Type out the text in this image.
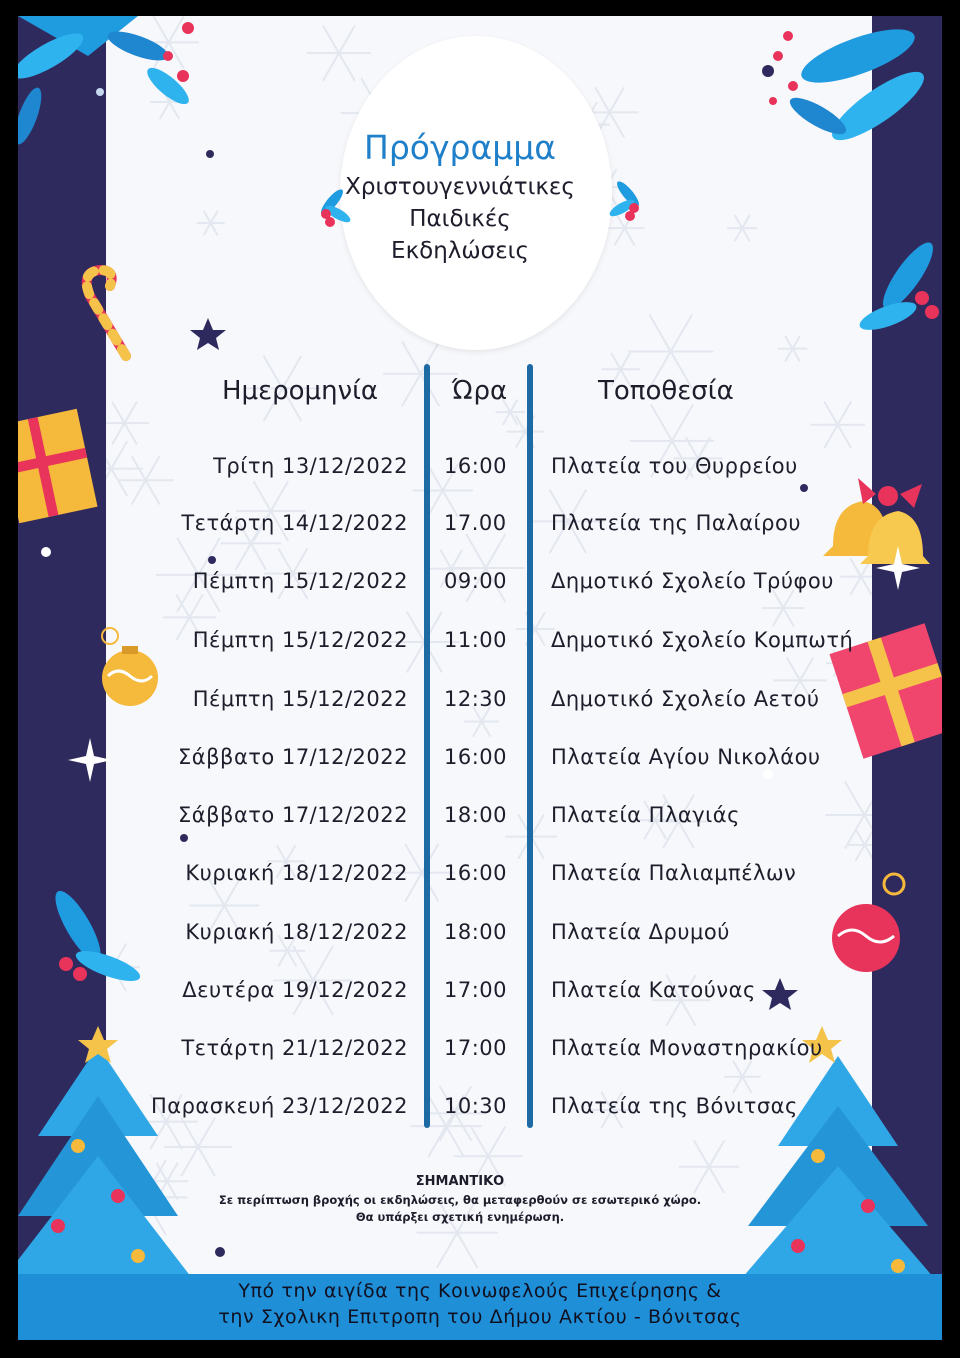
Πρόγραμμα
Χριστουγεννιάτικες
Παιδικές
Εκδηλώσεις
Ημερομηνία	Ώρα	Τοποθεσία
Τρίτη 13/12/2022 16:00	Πλατεία του Θυρρείου
Τετάρτη 14/12/2022 17.00	Πλατεία της Παλαίρου
Πέμπτη 15/12/2022 09:00	Δημοτικό Σχολείο Τρύφου
Πέμπτη 15/12/2022 11:00	Δημοτικό Σχολείο Κομπωτή
Πέμπτη 15/12/2022 12:30	Δημοτικό Σχολείο Αετού
Σάββατο 17/12/2022 16:00	Πλατεία Αγίου Νικολάου
Σάββατο 17/12/2022 18:00	Πλατεία Πλαγιάς
Κυριακή 18/12/2022 16:00	Πλατεία Παλιαμπέλων
Κυριακή 18/12/2022 18:00	Πλατεία Δρυμού
Δευτέρα 19/12/2022 17:00	Πλατεία Κατούνας
Τετάρτη 21/12/2022 17:00	Πλατεία Μοναστηρακίου
Παρασκευή 23/12/2022 10:30	Πλατεία της Βόνιτσας
ΣΗΜΑΝΤΙΚΟ
Σε περίπτωση βροχής οι εκδηλώσεις, θα μεταφερθούν σε εσωτερικό χώρο.
Θα υπάρξει σχετική ενημέρωση.
Υπό την αιγίδα της Κοινωφελούς Επιχείρησης &
την Σχολικη Επιτροπη του Δήμου Ακτίου - Βόνιτσας
